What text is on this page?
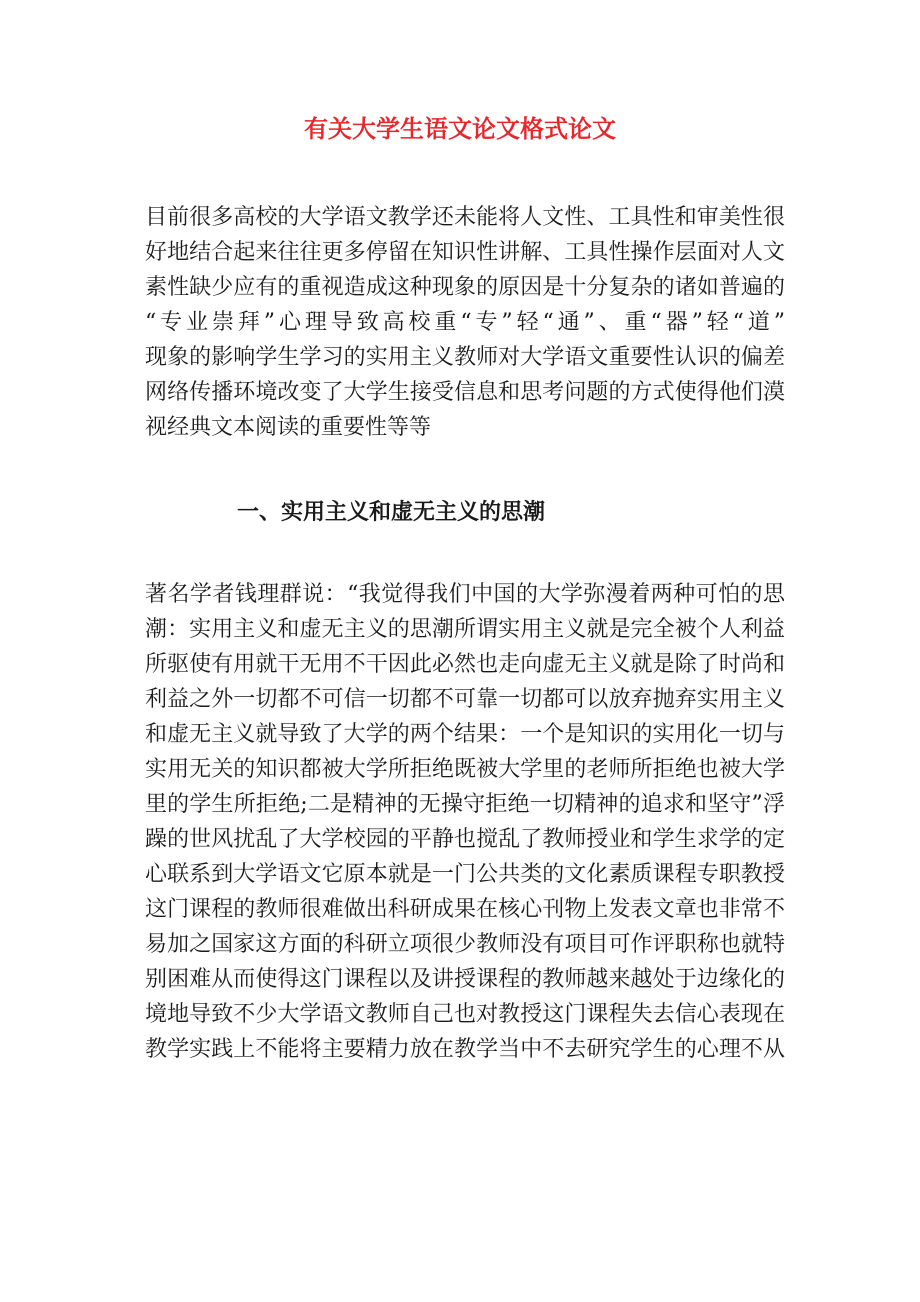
有关大学生语文论文格式论文
目前很多高校的大学语文教学还未能将人文性、工具性和审美性很
好地结合起来往往更多停留在知识性讲解、工具性操作层面对人文
素性缺少应有的重视造成这种现象的原因是十分复杂的诸如普遍的
“专业崇拜”心理导致高校重“专”轻“通”、重“器”轻“道”
现象的影响学生学习的实用主义教师对大学语文重要性认识的偏差
网络传播环境改变了大学生接受信息和思考问题的方式使得他们漠
视经典文本阅读的重要性等等
一、实用主义和虚无主义的思潮
著名学者钱理群说：“我觉得我们中国的大学弥漫着两种可怕的思
潮：实用主义和虚无主义的思潮所谓实用主义就是完全被个人利益
所驱使有用就干无用不干因此必然也走向虚无主义就是除了时尚和
利益之外一切都不可信一切都不可靠一切都可以放弃抛弃实用主义
和虚无主义就导致了大学的两个结果：一个是知识的实用化一切与
实用无关的知识都被大学所拒绝既被大学里的老师所拒绝也被大学
里的学生所拒绝;二是精神的无操守拒绝一切精神的追求和坚守”浮
躁的世风扰乱了大学校园的平静也搅乱了教师授业和学生求学的定
心联系到大学语文它原本就是一门公共类的文化素质课程专职教授
这门课程的教师很难做出科研成果在核心刊物上发表文章也非常不
易加之国家这方面的科研立项很少教师没有项目可作评职称也就特
别困难从而使得这门课程以及讲授课程的教师越来越处于边缘化的
境地导致不少大学语文教师自己也对教授这门课程失去信心表现在
教学实践上不能将主要精力放在教学当中不去研究学生的心理不从
